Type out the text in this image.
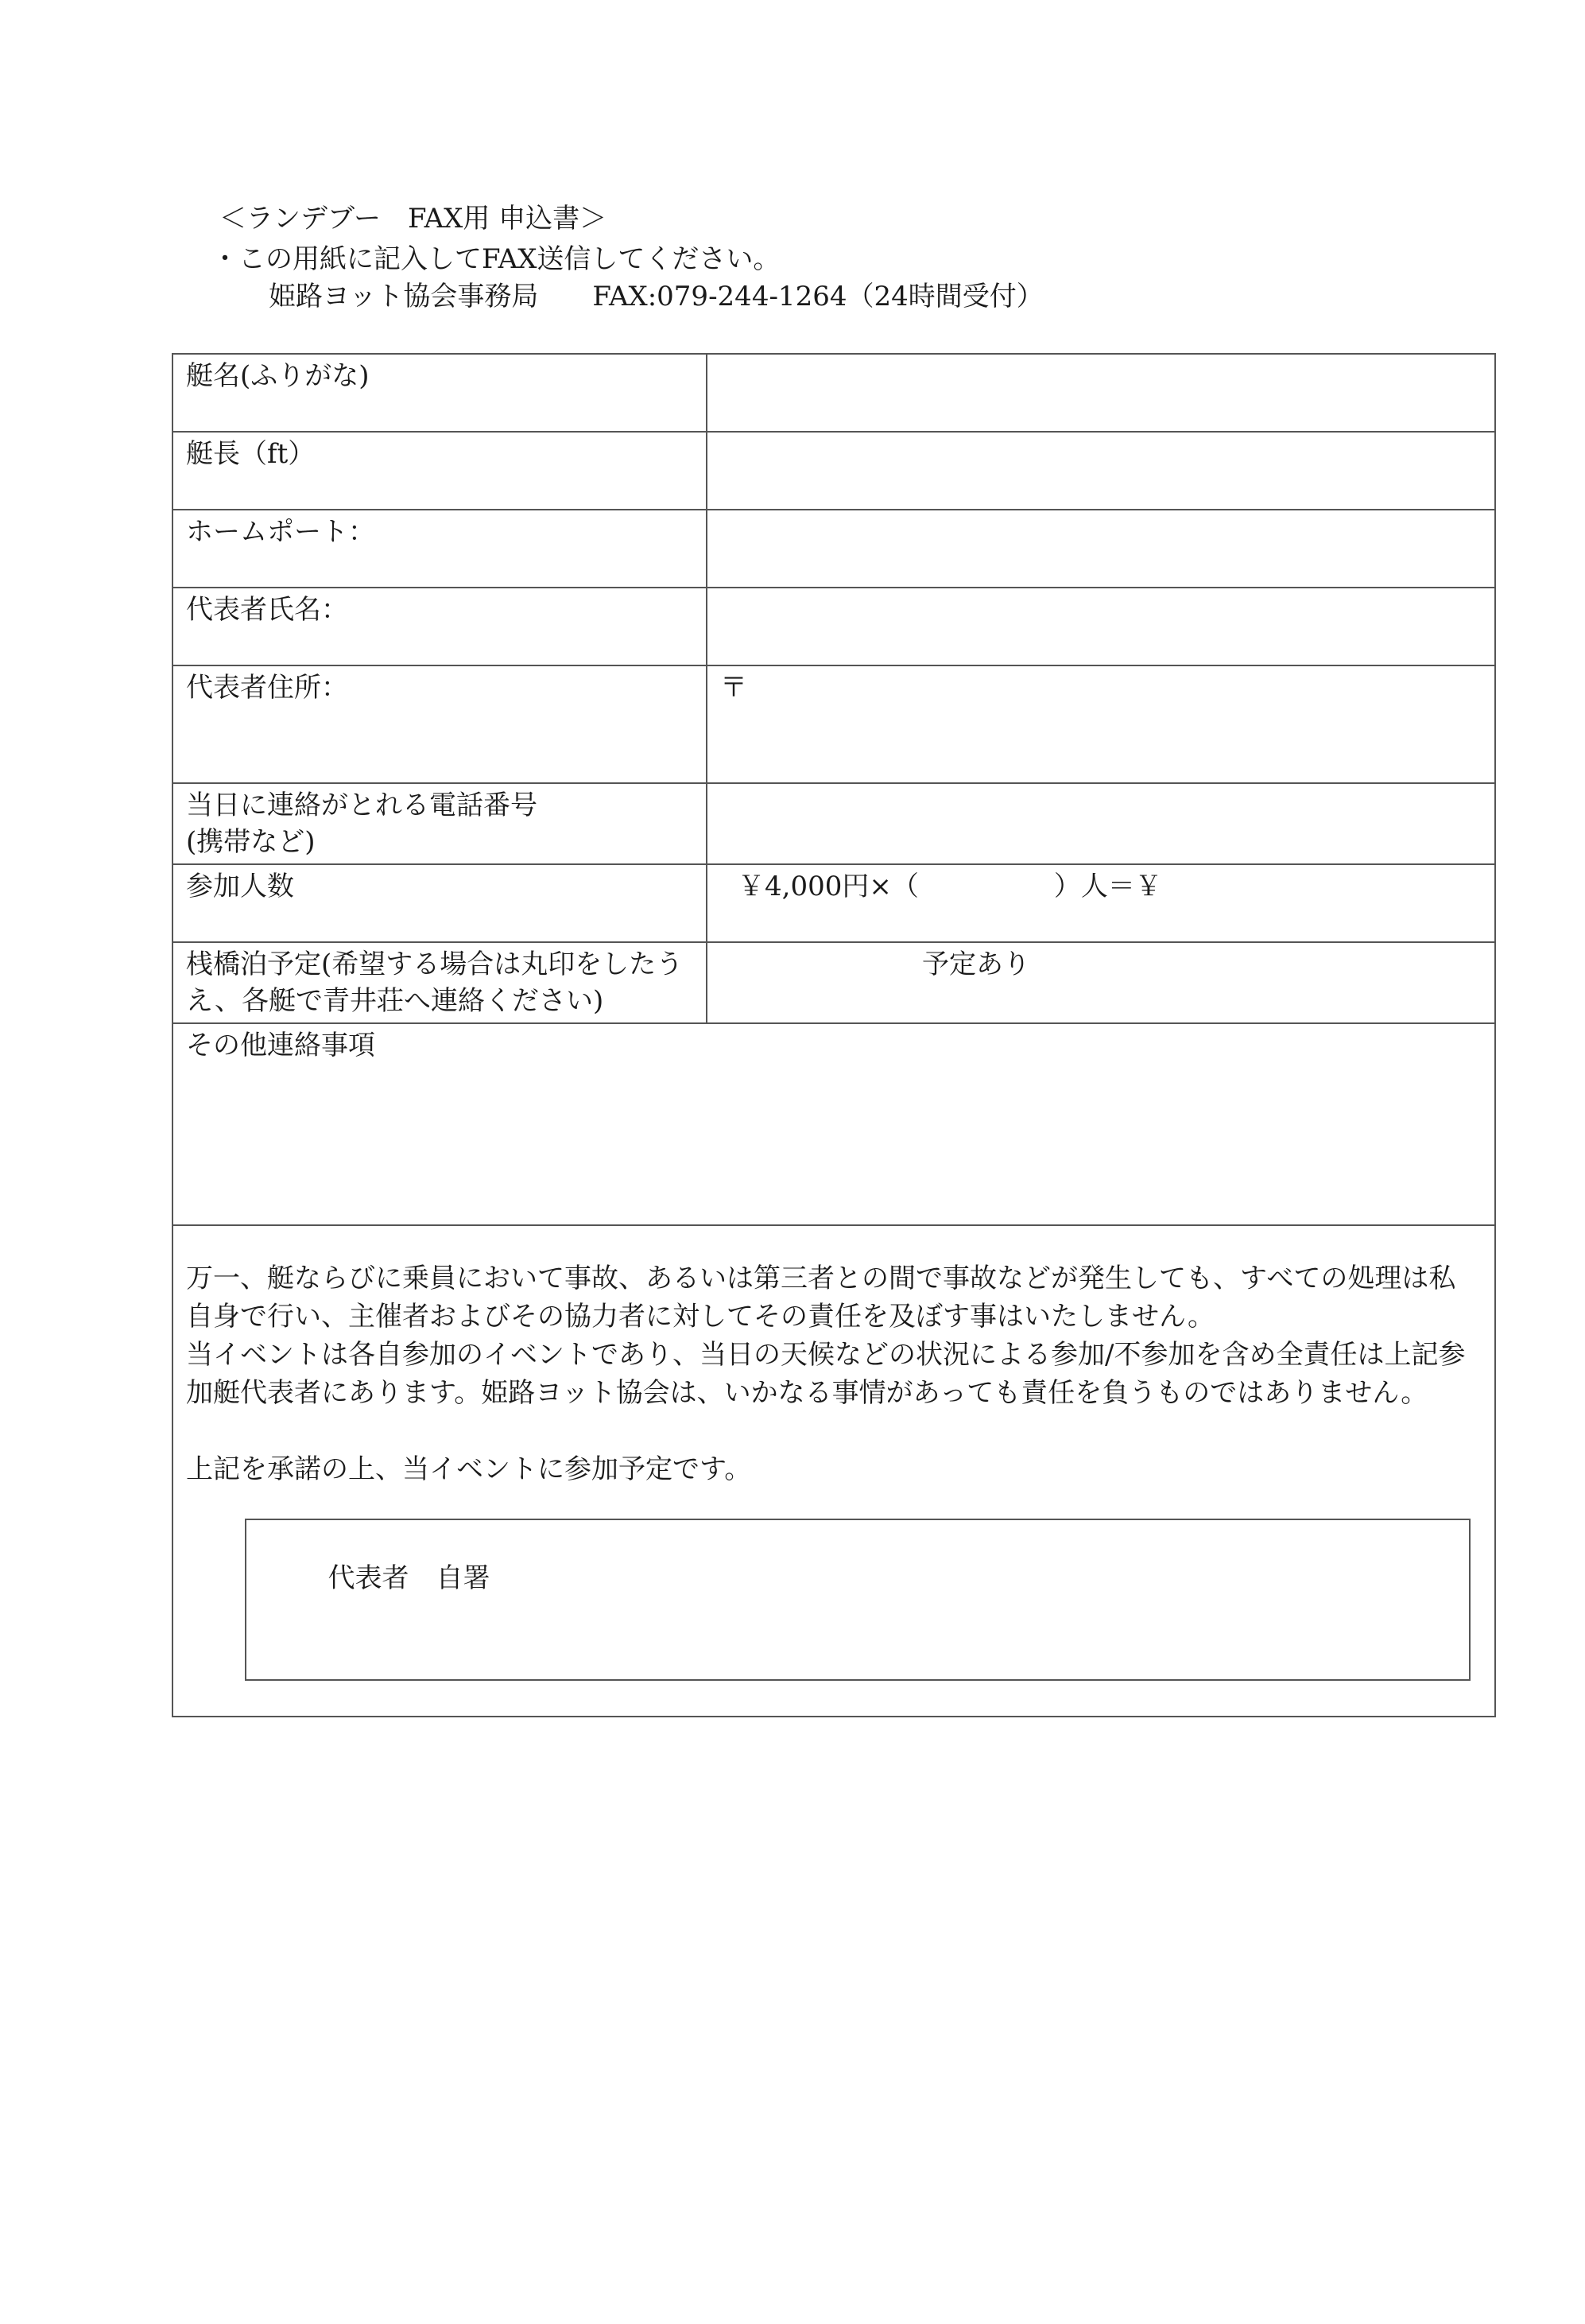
＜ランデブー　FAX用 申込書＞
・この用紙に記入してFAX送信してください。
姫路ヨット協会事務局　　FAX:079-244-1264（24時間受付）
艇名(ふりがな)	
艇長（ft）	
ホームポート：	
代表者氏名：	
代表者住所：	〒
当日に連絡がとれる電話番号
(携帯など)	
参加人数	￥4,000円×（　　　　　）人＝￥
桟橋泊予定(希望する場合は丸印をしたうえ、各艇で青井荘へ連絡ください)	予定あり
その他連絡事項	

万一、艇ならびに乗員において事故、あるいは第三者との間で事故などが発生しても、すべての処理は私自身で行い、主催者およびその協力者に対してその責任を及ぼす事はいたしません。

当イベントは各自参加のイベントであり、当日の天候などの状況による参加/不参加を含め全責任は上記参加艇代表者にあります。姫路ヨット協会は、いかなる事情があっても責任を負うものではありません。

上記を承諾の上、当イベントに参加予定です。

代表者　自署	
